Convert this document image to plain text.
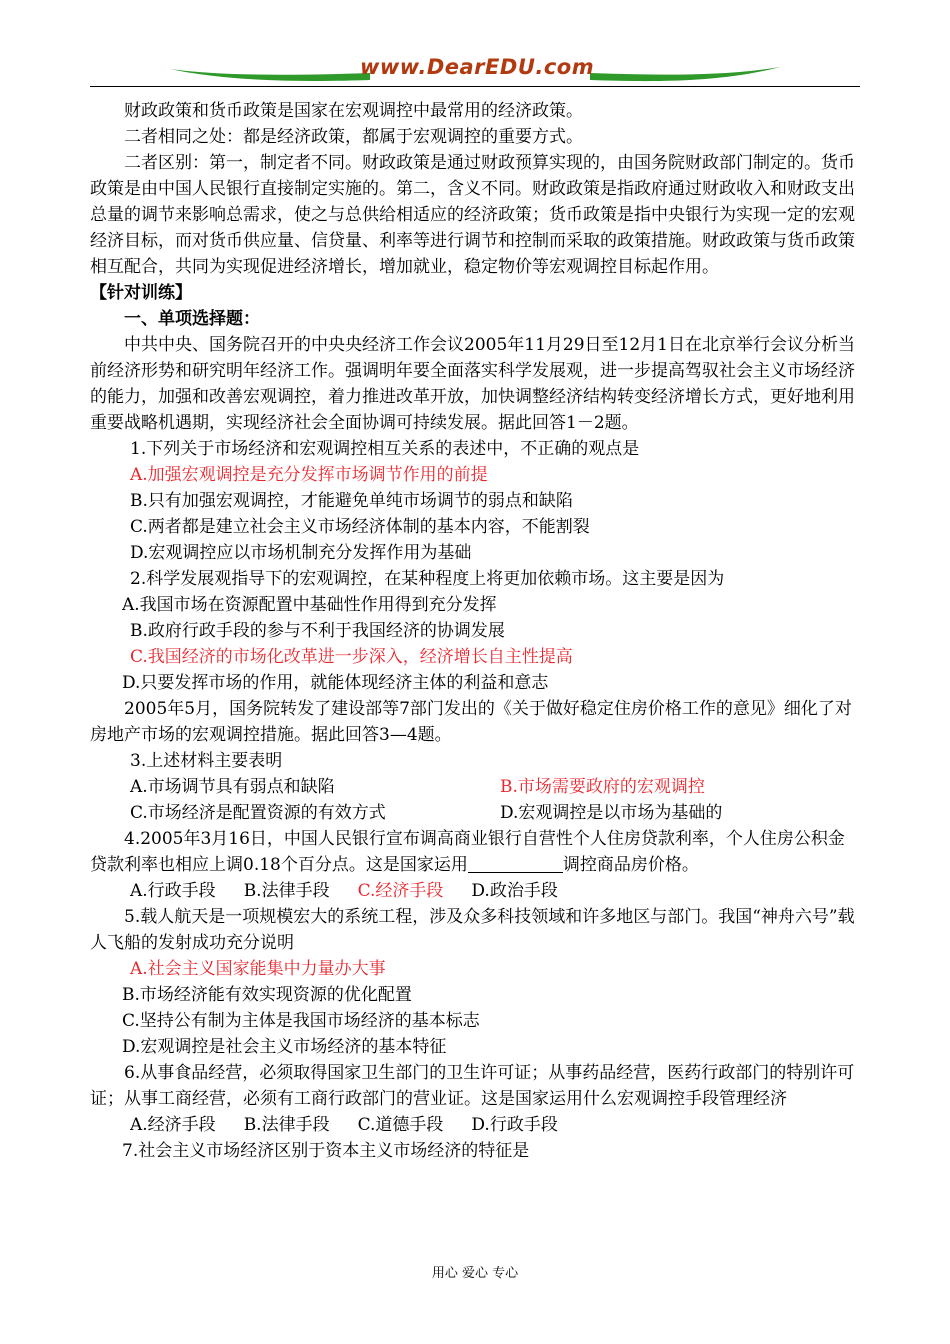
www.DearEDU.com

财政政策和货币政策是国家在宏观调控中最常用的经济政策。

二者相同之处：都是经济政策，都属于宏观调控的重要方式。

二者区别：第一，制定者不同。财政政策是通过财政预算实现的，由国务院财政部门制定的。货币政策是由中国人民银行直接制定实施的。第二，含义不同。财政政策是指政府通过财政收入和财政支出总量的调节来影响总需求，使之与总供给相适应的经济政策；货币政策是指中央银行为实现一定的宏观经济目标，而对货币供应量、信贷量、利率等进行调节和控制而采取的政策措施。财政政策与货币政策相互配合，共同为实现促进经济增长，增加就业，稳定物价等宏观调控目标起作用。

【针对训练】

一、单项选择题：

中共中央、国务院召开的中央央经济工作会议2005年11月29日至12月1日在北京举行会议分析当前经济形势和研究明年经济工作。强调明年要全面落实科学发展观，进一步提高驾驭社会主义市场经济的能力，加强和改善宏观调控，着力推进改革开放，加快调整经济结构转变经济增长方式，更好地利用重要战略机遇期，实现经济社会全面协调可持续发展。据此回答1－2题。

1.下列关于市场经济和宏观调控相互关系的表述中，不正确的观点是

A.加强宏观调控是充分发挥市场调节作用的前提

B.只有加强宏观调控，才能避免单纯市场调节的弱点和缺陷

C.两者都是建立社会主义市场经济体制的基本内容，不能割裂

D.宏观调控应以市场机制充分发挥作用为基础

2.科学发展观指导下的宏观调控，在某种程度上将更加依赖市场。这主要是因为

A.我国市场在资源配置中基础性作用得到充分发挥

B.政府行政手段的参与不利于我国经济的协调发展

C.我国经济的市场化改革进一步深入，经济增长自主性提高

D.只要发挥市场的作用，就能体现经济主体的利益和意志

2005年5月，国务院转发了建设部等7部门发出的《关于做好稳定住房价格工作的意见》细化了对房地产市场的宏观调控措施。据此回答3—4题。

3.上述材料主要表明

A.市场调节具有弱点和缺陷	B.市场需要政府的宏观调控
C.市场经济是配置资源的有效方式	D.宏观调控是以市场为基础的

4.2005年3月16日，中国人民银行宣布调高商业银行自营性个人住房贷款利率，个人住房公积金贷款利率也相应上调0.18个百分点。这是国家运用	调控商品房价格。

A.行政手段 B.法律手段 C.经济手段 D.政治手段

5.载人航天是一项规模宏大的系统工程，涉及众多科技领域和许多地区与部门。我国“神舟六号”载人飞船的发射成功充分说明

A.社会主义国家能集中力量办大事

B.市场经济能有效实现资源的优化配置

C.坚持公有制为主体是我国市场经济的基本标志

D.宏观调控是社会主义市场经济的基本特征

6.从事食品经营，必须取得国家卫生部门的卫生许可证；从事药品经营，医药行政部门的特别许可证；从事工商经营，必须有工商行政部门的营业证。这是国家运用什么宏观调控手段管理经济

A.经济手段 B.法律手段 C.道德手段 D.行政手段

7.社会主义市场经济区别于资本主义市场经济的特征是

用心 爱心 专心
